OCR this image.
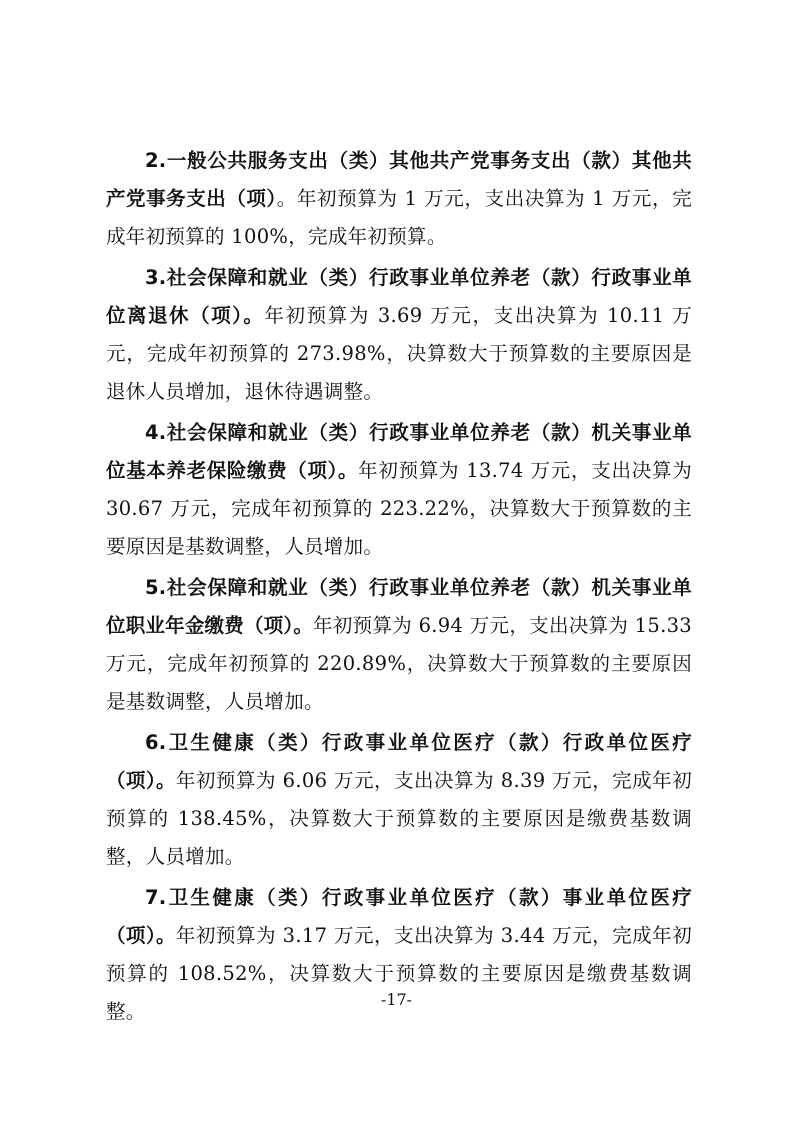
2.一般公共服务支出（类）其他共产党事务支出（款）其他共产党事务支出（项）。年初预算为 1 万元，支出决算为 1 万元，完成年初预算的 100%，完成年初预算。

3.社会保障和就业（类）行政事业单位养老（款）行政事业单位离退休（项）。年初预算为 3.69 万元，支出决算为 10.11 万元，完成年初预算的 273.98%，决算数大于预算数的主要原因是退休人员增加，退休待遇调整。

4.社会保障和就业（类）行政事业单位养老（款）机关事业单位基本养老保险缴费（项）。年初预算为 13.74 万元，支出决算为 30.67 万元，完成年初预算的 223.22%，决算数大于预算数的主要原因是基数调整，人员增加。

5.社会保障和就业（类）行政事业单位养老（款）机关事业单位职业年金缴费（项）。年初预算为 6.94 万元，支出决算为 15.33 万元，完成年初预算的 220.89%，决算数大于预算数的主要原因是基数调整，人员增加。

6.卫生健康（类）行政事业单位医疗（款）行政单位医疗（项）。年初预算为 6.06 万元，支出决算为 8.39 万元，完成年初预算的 138.45%，决算数大于预算数的主要原因是缴费基数调整，人员增加。

7.卫生健康（类）行政事业单位医疗（款）事业单位医疗（项）。年初预算为 3.17 万元，支出决算为 3.44 万元，完成年初预算的 108.52%，决算数大于预算数的主要原因是缴费基数调整。

-17-
